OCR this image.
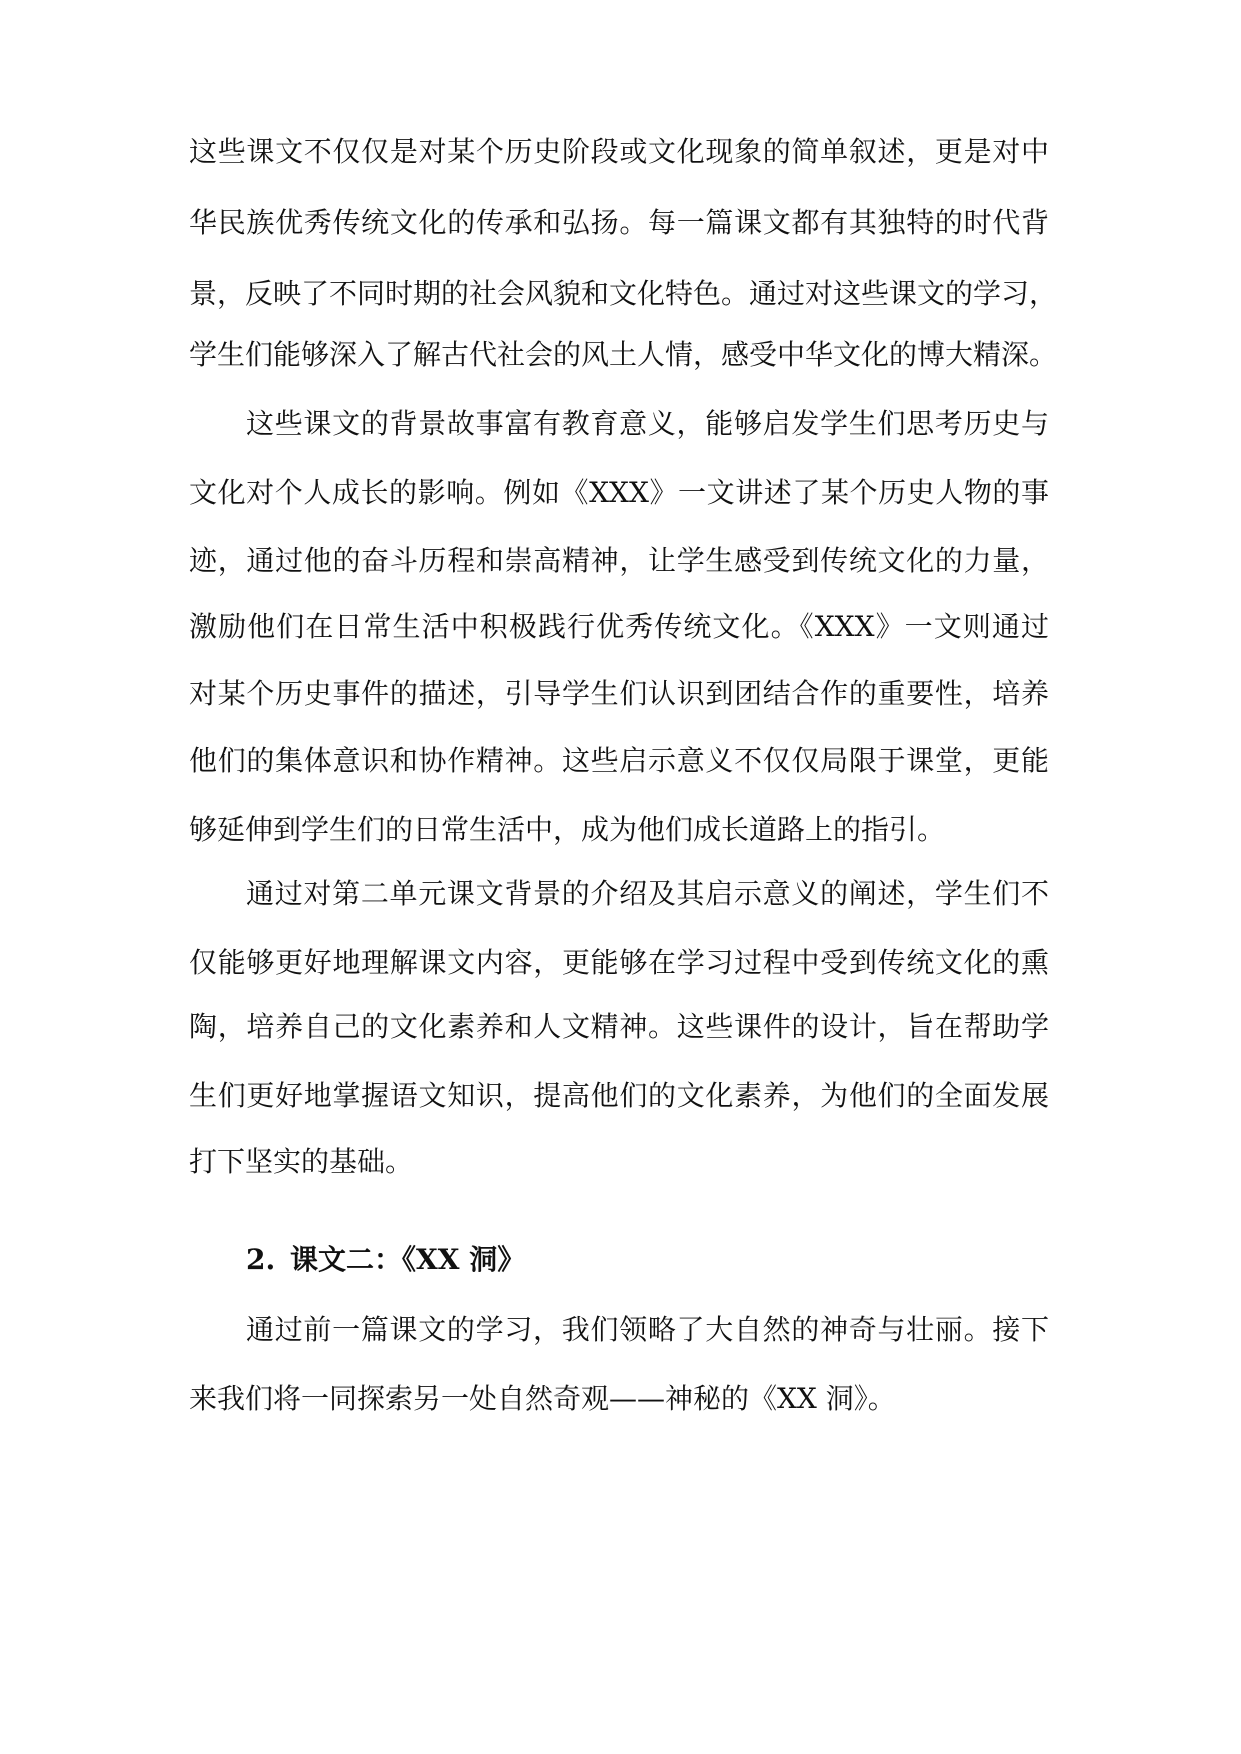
这些课文不仅仅是对某个历史阶段或文化现象的简单叙述，更是对中
华民族优秀传统文化的传承和弘扬。每一篇课文都有其独特的时代背
景，反映了不同时期的社会风貌和文化特色。通过对这些课文的学习，
学生们能够深入了解古代社会的风土人情，感受中华文化的博大精深。
这些课文的背景故事富有教育意义，能够启发学生们思考历史与
文化对个人成长的影响。例如《XXX》一文讲述了某个历史人物的事
迹，通过他的奋斗历程和崇高精神，让学生感受到传统文化的力量，
激励他们在日常生活中积极践行优秀传统文化。《XXX》一文则通过
对某个历史事件的描述，引导学生们认识到团结合作的重要性，培养
他们的集体意识和协作精神。这些启示意义不仅仅局限于课堂，更能
够延伸到学生们的日常生活中，成为他们成长道路上的指引。
通过对第二单元课文背景的介绍及其启示意义的阐述，学生们不
仅能够更好地理解课文内容，更能够在学习过程中受到传统文化的熏
陶，培养自己的文化素养和人文精神。这些课件的设计，旨在帮助学
生们更好地掌握语文知识，提高他们的文化素养，为他们的全面发展
打下坚实的基础。
2. 课文二：《XX 洞》
通过前一篇课文的学习，我们领略了大自然的神奇与壮丽。接下
来我们将一同探索另一处自然奇观——神秘的《XX 洞》。
